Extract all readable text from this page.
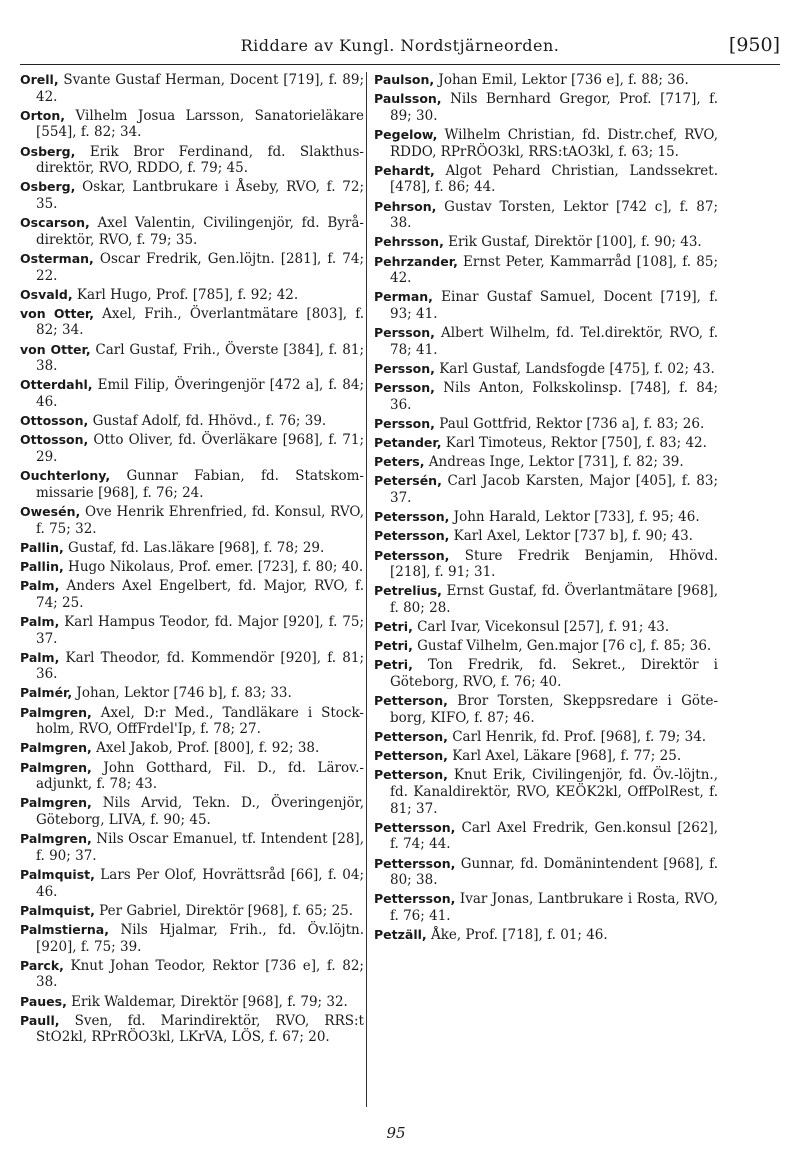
Riddare av Kungl. Nordstjärneorden.	[950]

Orell, Svante Gustaf Herman, Docent [719], f. 89; 42.

Orton, Vilhelm Josua Larsson, Sanatorieläkare [554], f. 82; 34.

Osberg, Erik Bror Ferdinand, fd. Slakthus-direktör, RVO, RDDO, f. 79; 45.

Osberg, Oskar, Lantbrukare i Åseby, RVO, f. 72; 35.

Oscarson, Axel Valentin, Civilingenjör, fd. Byrå-direktör, RVO, f. 79; 35.

Osterman, Oscar Fredrik, Gen.löjtn. [281], f. 74; 22.

Osvald, Karl Hugo, Prof. [785], f. 92; 42.

von Otter, Axel, Frih., Överlantmätare [803], f. 82; 34.

von Otter, Carl Gustaf, Frih., Överste [384], f. 81; 38.

Otterdahl, Emil Filip, Överingenjör [472 a], f. 84; 46.

Ottosson, Gustaf Adolf, fd. Hhövd., f. 76; 39.

Ottosson, Otto Oliver, fd. Överläkare [968], f. 71; 29.

Ouchterlony, Gunnar Fabian, fd. Statskom-missarie [968], f. 76; 24.

Owesén, Ove Henrik Ehrenfried, fd. Konsul, RVO, f. 75; 32.

Pallin, Gustaf, fd. Las.läkare [968], f. 78; 29.

Pallin, Hugo Nikolaus, Prof. emer. [723], f. 80; 40.

Palm, Anders Axel Engelbert, fd. Major, RVO, f. 74; 25.

Palm, Karl Hampus Teodor, fd. Major [920], f. 75; 37.

Palm, Karl Theodor, fd. Kommendör [920], f. 81; 36.

Palmér, Johan, Lektor [746 b], f. 83; 33.

Palmgren, Axel, D:r Med., Tandläkare i Stock-holm, RVO, OffFrdel'Ip, f. 78; 27.

Palmgren, Axel Jakob, Prof. [800], f. 92; 38.

Palmgren, John Gotthard, Fil. D., fd. Lärov.-adjunkt, f. 78; 43.

Palmgren, Nils Arvid, Tekn. D., Överingenjör, Göteborg, LIVA, f. 90; 45.

Palmgren, Nils Oscar Emanuel, tf. Intendent [28], f. 90; 37.

Palmquist, Lars Per Olof, Hovrättsråd [66], f. 04; 46.

Palmquist, Per Gabriel, Direktör [968], f. 65; 25.

Palmstierna, Nils Hjalmar, Frih., fd. Öv.löjtn. [920], f. 75; 39.

Parck, Knut Johan Teodor, Rektor [736 e], f. 82; 38.

Paues, Erik Waldemar, Direktör [968], f. 79; 32.

Paull, Sven, fd. Marindirektör, RVO, RRS:t StO2kl, RPrRÖO3kl, LKrVA, LÖS, f. 67; 20.

Paulson, Johan Emil, Lektor [736 e], f. 88; 36.

Paulsson, Nils Bernhard Gregor, Prof. [717], f. 89; 30.

Pegelow, Wilhelm Christian, fd. Distr.chef, RVO, RDDO, RPrRÖO3kl, RRS:tAO3kl, f. 63; 15.

Pehardt, Algot Pehard Christian, Landssekret. [478], f. 86; 44.

Pehrson, Gustav Torsten, Lektor [742 c], f. 87; 38.

Pehrsson, Erik Gustaf, Direktör [100], f. 90; 43.

Pehrzander, Ernst Peter, Kammarråd [108], f. 85; 42.

Perman, Einar Gustaf Samuel, Docent [719], f. 93; 41.

Persson, Albert Wilhelm, fd. Tel.direktör, RVO, f. 78; 41.

Persson, Karl Gustaf, Landsfogde [475], f. 02; 43.

Persson, Nils Anton, Folkskolinsp. [748], f. 84; 36.

Persson, Paul Gottfrid, Rektor [736 a], f. 83; 26.

Petander, Karl Timoteus, Rektor [750], f. 83; 42.

Peters, Andreas Inge, Lektor [731], f. 82; 39.

Petersén, Carl Jacob Karsten, Major [405], f. 83; 37.

Petersson, John Harald, Lektor [733], f. 95; 46.

Petersson, Karl Axel, Lektor [737 b], f. 90; 43.

Petersson, Sture Fredrik Benjamin, Hhövd. [218], f. 91; 31.

Petrelius, Ernst Gustaf, fd. Överlantmätare [968], f. 80; 28.

Petri, Carl Ivar, Vicekonsul [257], f. 91; 43.

Petri, Gustaf Vilhelm, Gen.major [76 c], f. 85; 36.

Petri, Ton Fredrik, fd. Sekret., Direktör i Göteborg, RVO, f. 76; 40.

Petterson, Bror Torsten, Skeppsredare i Göte-borg, KIFO, f. 87; 46.

Petterson, Carl Henrik, fd. Prof. [968], f. 79; 34.

Petterson, Karl Axel, Läkare [968], f. 77; 25.

Petterson, Knut Erik, Civilingenjör, fd. Öv.-löjtn., fd. Kanaldirektör, RVO, KEÖK2kl, OffPolRest, f. 81; 37.

Pettersson, Carl Axel Fredrik, Gen.konsul [262], f. 74; 44.

Pettersson, Gunnar, fd. Domänintendent [968], f. 80; 38.

Pettersson, Ivar Jonas, Lantbrukare i Rosta, RVO, f. 76; 41.

Petzäll, Åke, Prof. [718], f. 01; 46.

95
